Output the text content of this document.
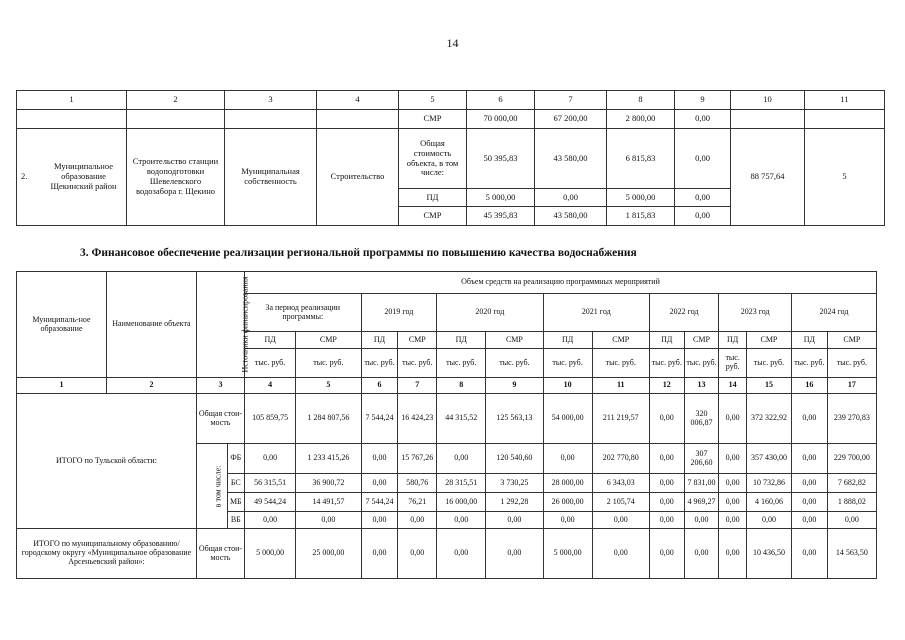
14
1	2	3	4	5	6	7	8	9	10	11
				СМР	70 000,00	67 200,00	2 800,00	0,00		

2.
Муниципальное образование Щекинский район	Строительство станции водоподготовки Шевелевского водозабора г. Щекино	Муниципальная собственность	Строительство	Общая стоимость объекта, в том числе:	50 395,83	43 580,00	6 815,83	0,00	88 757,64	5
				ПД	5 000,00	0,00	5 000,00	0,00		
				СМР	45 395,83	43 580,00	1 815,83	0,00		
3. Финансовое обеспечение реализации региональной программы по повышению качества водоснабжения
Муниципаль-ное образование	Наименование объекта	Источники финансирования		Объем средств на реализацию программных мероприятий													
				За период реализации программы:		2019 год		2020 год		2021 год		2022 год		2023 год		2024 год	
				ПД	СМР	ПД	СМР	ПД	СМР	ПД	СМР	ПД	СМР	ПД	СМР	ПД	СМР
				тыс. руб.	тыс. руб.	тыс. руб.	тыс. руб.	тыс. руб.	тыс. руб.	тыс. руб.	тыс. руб.	тыс. руб.	тыс. руб.	тыс. руб.	тыс. руб.	тыс. руб.	тыс. руб.
1	2	3		4	5	6	7	8	9	10	11	12	13	14	15	16	17
ИТОГО по Тульской области:		Общая стои-мость		105 859,75	1 284 807,56	7 544,24	16 424,23	44 315,52	125 563,13	54 000,00	211 219,57	0,00	320 006,87	0,00	372 322,92	0,00	239 270,83
		в том числе:	ФБ	0,00	1 233 415,26	0,00	15 767,26	0,00	120 540,60	0,00	202 770,80	0,00	307 206,60	0,00	357 430,00	0,00	229 700,00
			БС	56 315,51	36 900,72	0,00	580,76	28 315,51	3 730,25	28 000,00	6 343,03	0,00	7 831,00	0,00	10 732,86	0,00	7 682,82
			МБ	49 544,24	14 491,57	7 544,24	76,21	16 000,00	1 292,28	26 000,00	2 105,74	0,00	4 969,27	0,00	4 160,06	0,00	1 888,02
			ВБ	0,00	0,00	0,00	0,00	0,00	0,00	0,00	0,00	0,00	0,00	0,00	0,00	0,00	0,00
ИТОГО по муниципальному образованию/ городскому округу «Муниципальное образование Арсеньевский район»:		Общая стои-мость		5 000,00	25 000,00	0,00	0,00	0,00	0,00	5 000,00	0,00	0,00	0,00	0,00	10 436,50	0,00	14 563,50
